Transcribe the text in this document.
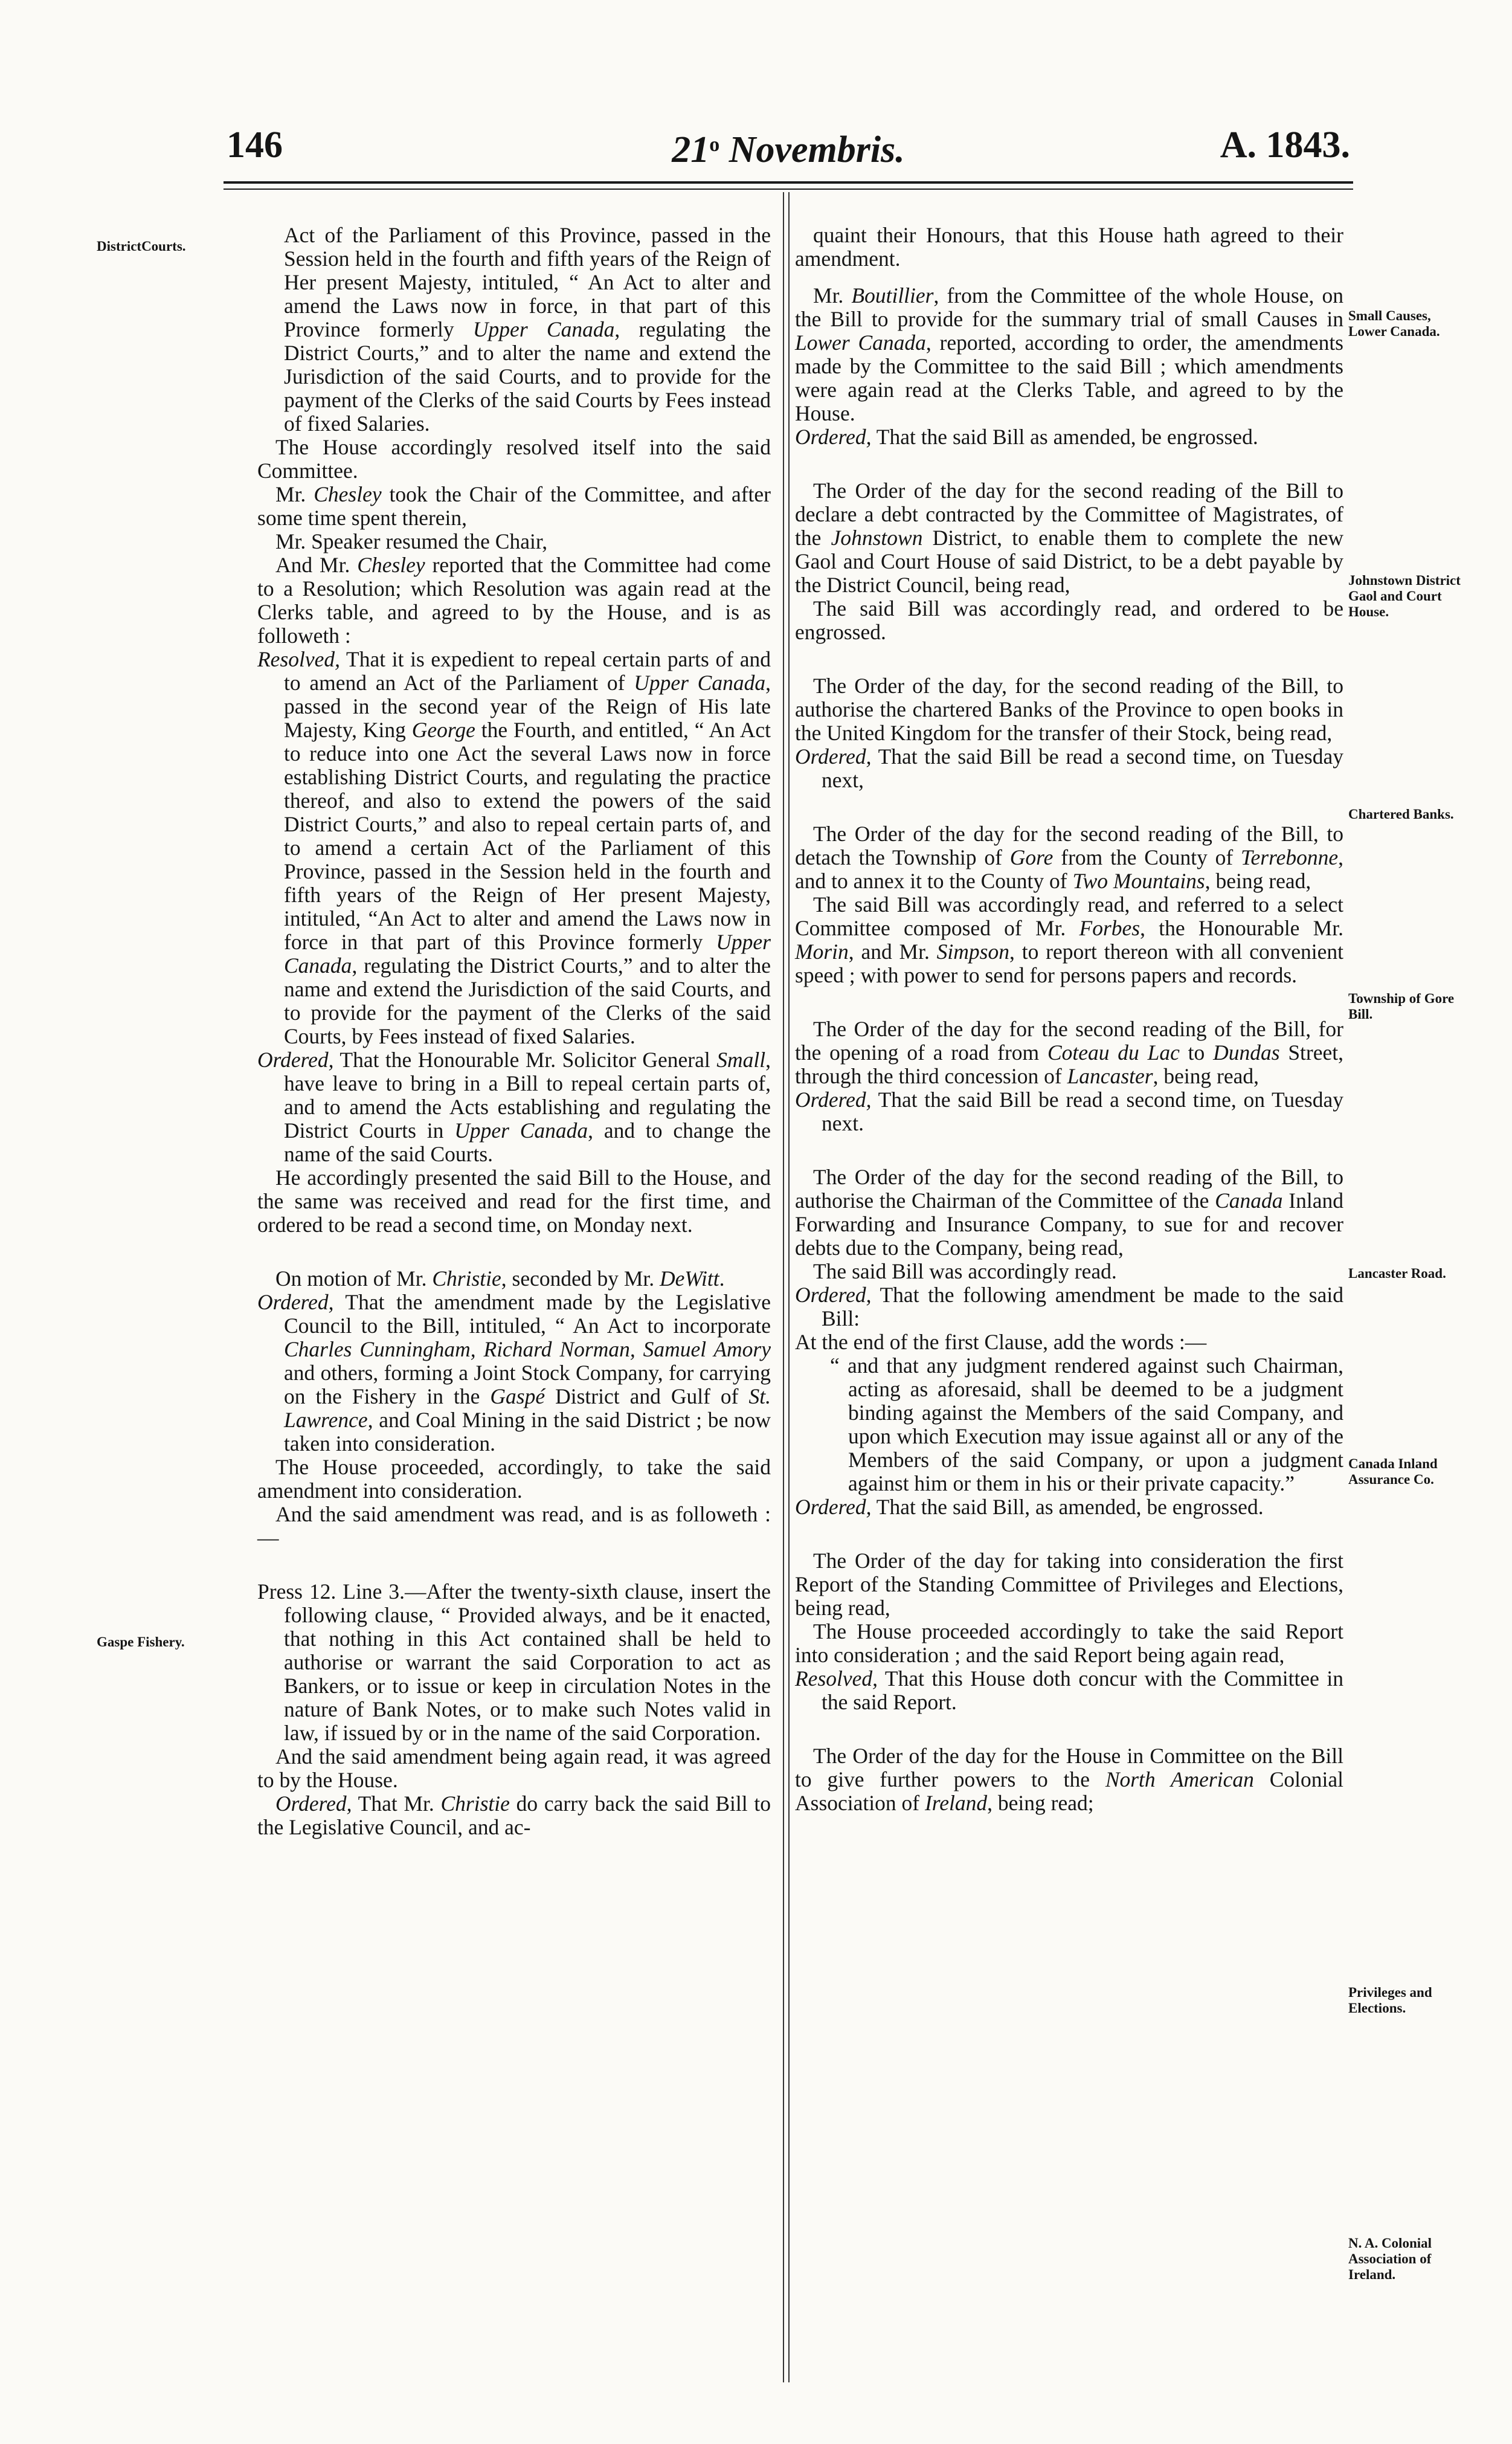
146	21$^o$ Novembris.	A. 1843.
DistrictCourts.
Gaspe Fishery.
Small Causes, Lower Canada.
Johnstown District Gaol and Court House.
Chartered Banks.
Township of Gore Bill.
Lancaster Road.
Canada Inland Assurance Co.
Privileges and Elections.
N. A. Colonial Association of Ireland.

Act of the Parliament of this Province, passed in the Session held in the fourth and fifth years of the Reign of Her present Majesty, intituled, “ An Act to alter and amend the Laws now in force, in that part of this Province formerly Upper Canada, regulating the District Courts,” and to alter the name and extend the Jurisdiction of the said Courts, and to provide for the payment of the Clerks of the said Courts by Fees instead of fixed Salaries.

The House accordingly resolved itself into the said Committee.

Mr. Chesley took the Chair of the Committee, and after some time spent therein,

Mr. Speaker resumed the Chair,

And Mr. Chesley reported that the Committee had come to a Resolution; which Resolution was again read at the Clerks table, and agreed to by the House, and is as followeth :

Resolved, That it is expedient to repeal certain parts of and to amend an Act of the Parliament of Upper Canada, passed in the second year of the Reign of His late Majesty, King George the Fourth, and entitled, “ An Act to reduce into one Act the several Laws now in force establishing District Courts, and regulating the practice thereof, and also to extend the powers of the said District Courts,” and also to repeal certain parts of, and to amend a certain Act of the Parliament of this Province, passed in the Session held in the fourth and fifth years of the Reign of Her present Majesty, intituled, “An Act to alter and amend the Laws now in force in that part of this Province formerly Upper Canada, regulating the District Courts,” and to alter the name and extend the Jurisdiction of the said Courts, and to provide for the payment of the Clerks of the said Courts, by Fees instead of fixed Salaries.

Ordered, That the Honourable Mr. Solicitor General Small, have leave to bring in a Bill to repeal certain parts of, and to amend the Acts establishing and regulating the District Courts in Upper Canada, and to change the name of the said Courts.

He accordingly presented the said Bill to the House, and the same was received and read for the first time, and ordered to be read a second time, on Monday next.

On motion of Mr. Christie, seconded by Mr. DeWitt.

Ordered, That the amendment made by the Legislative Council to the Bill, intituled, “ An Act to incorporate Charles Cunningham, Richard Norman, Samuel Amory and others, forming a Joint Stock Company, for carrying on the Fishery in the Gaspé District and Gulf of St. Lawrence, and Coal Mining in the said District ; be now taken into consideration.

The House proceeded, accordingly, to take the said amendment into consideration.

And the said amendment was read, and is as followeth :—

Press 12. Line 3.—After the twenty-sixth clause, insert the following clause, “ Provided always, and be it enacted, that nothing in this Act contained shall be held to authorise or warrant the said Corporation to act as Bankers, or to issue or keep in circulation Notes in the nature of Bank Notes, or to make such Notes valid in law, if issued by or in the name of the said Corporation.

And the said amendment being again read, it was agreed to by the House.

Ordered, That Mr. Christie do carry back the said Bill to the Legislative Council, and ac-

quaint their Honours, that this House hath agreed to their amendment.

Mr. Boutillier, from the Committee of the whole House, on the Bill to provide for the summary trial of small Causes in Lower Canada, reported, according to order, the amendments made by the Committee to the said Bill ; which amendments were again read at the Clerks Table, and agreed to by the House.

Ordered, That the said Bill as amended, be engrossed.

The Order of the day for the second reading of the Bill to declare a debt contracted by the Committee of Magistrates, of the Johnstown District, to enable them to complete the new Gaol and Court House of said District, to be a debt payable by the District Council, being read,

The said Bill was accordingly read, and ordered to be engrossed.

The Order of the day, for the second reading of the Bill, to authorise the chartered Banks of the Province to open books in the United Kingdom for the transfer of their Stock, being read,

Ordered, That the said Bill be read a second time, on Tuesday next,

The Order of the day for the second reading of the Bill, to detach the Township of Gore from the County of Terrebonne, and to annex it to the County of Two Mountains, being read,

The said Bill was accordingly read, and referred to a select Committee composed of Mr. Forbes, the Honourable Mr. Morin, and Mr. Simpson, to report thereon with all convenient speed ; with power to send for persons papers and records.

The Order of the day for the second reading of the Bill, for the opening of a road from Coteau du Lac to Dundas Street, through the third concession of Lancaster, being read,

Ordered, That the said Bill be read a second time, on Tuesday next.

The Order of the day for the second reading of the Bill, to authorise the Chairman of the Committee of the Canada Inland Forwarding and Insurance Company, to sue for and recover debts due to the Company, being read,

The said Bill was accordingly read.

Ordered, That the following amendment be made to the said Bill:

At the end of the first Clause, add the words :—

“ and that any judgment rendered against such Chairman, acting as aforesaid, shall be deemed to be a judgment binding against the Members of the said Company, and upon which Execution may issue against all or any of the Members of the said Company, or upon a judgment against him or them in his or their private capacity.”

Ordered, That the said Bill, as amended, be engrossed.

The Order of the day for taking into consideration the first Report of the Standing Committee of Privileges and Elections, being read,

The House proceeded accordingly to take the said Report into consideration ; and the said Report being again read,

Resolved, That this House doth concur with the Committee in the said Report.

The Order of the day for the House in Committee on the Bill to give further powers to the North American Colonial Association of Ireland, being read;
